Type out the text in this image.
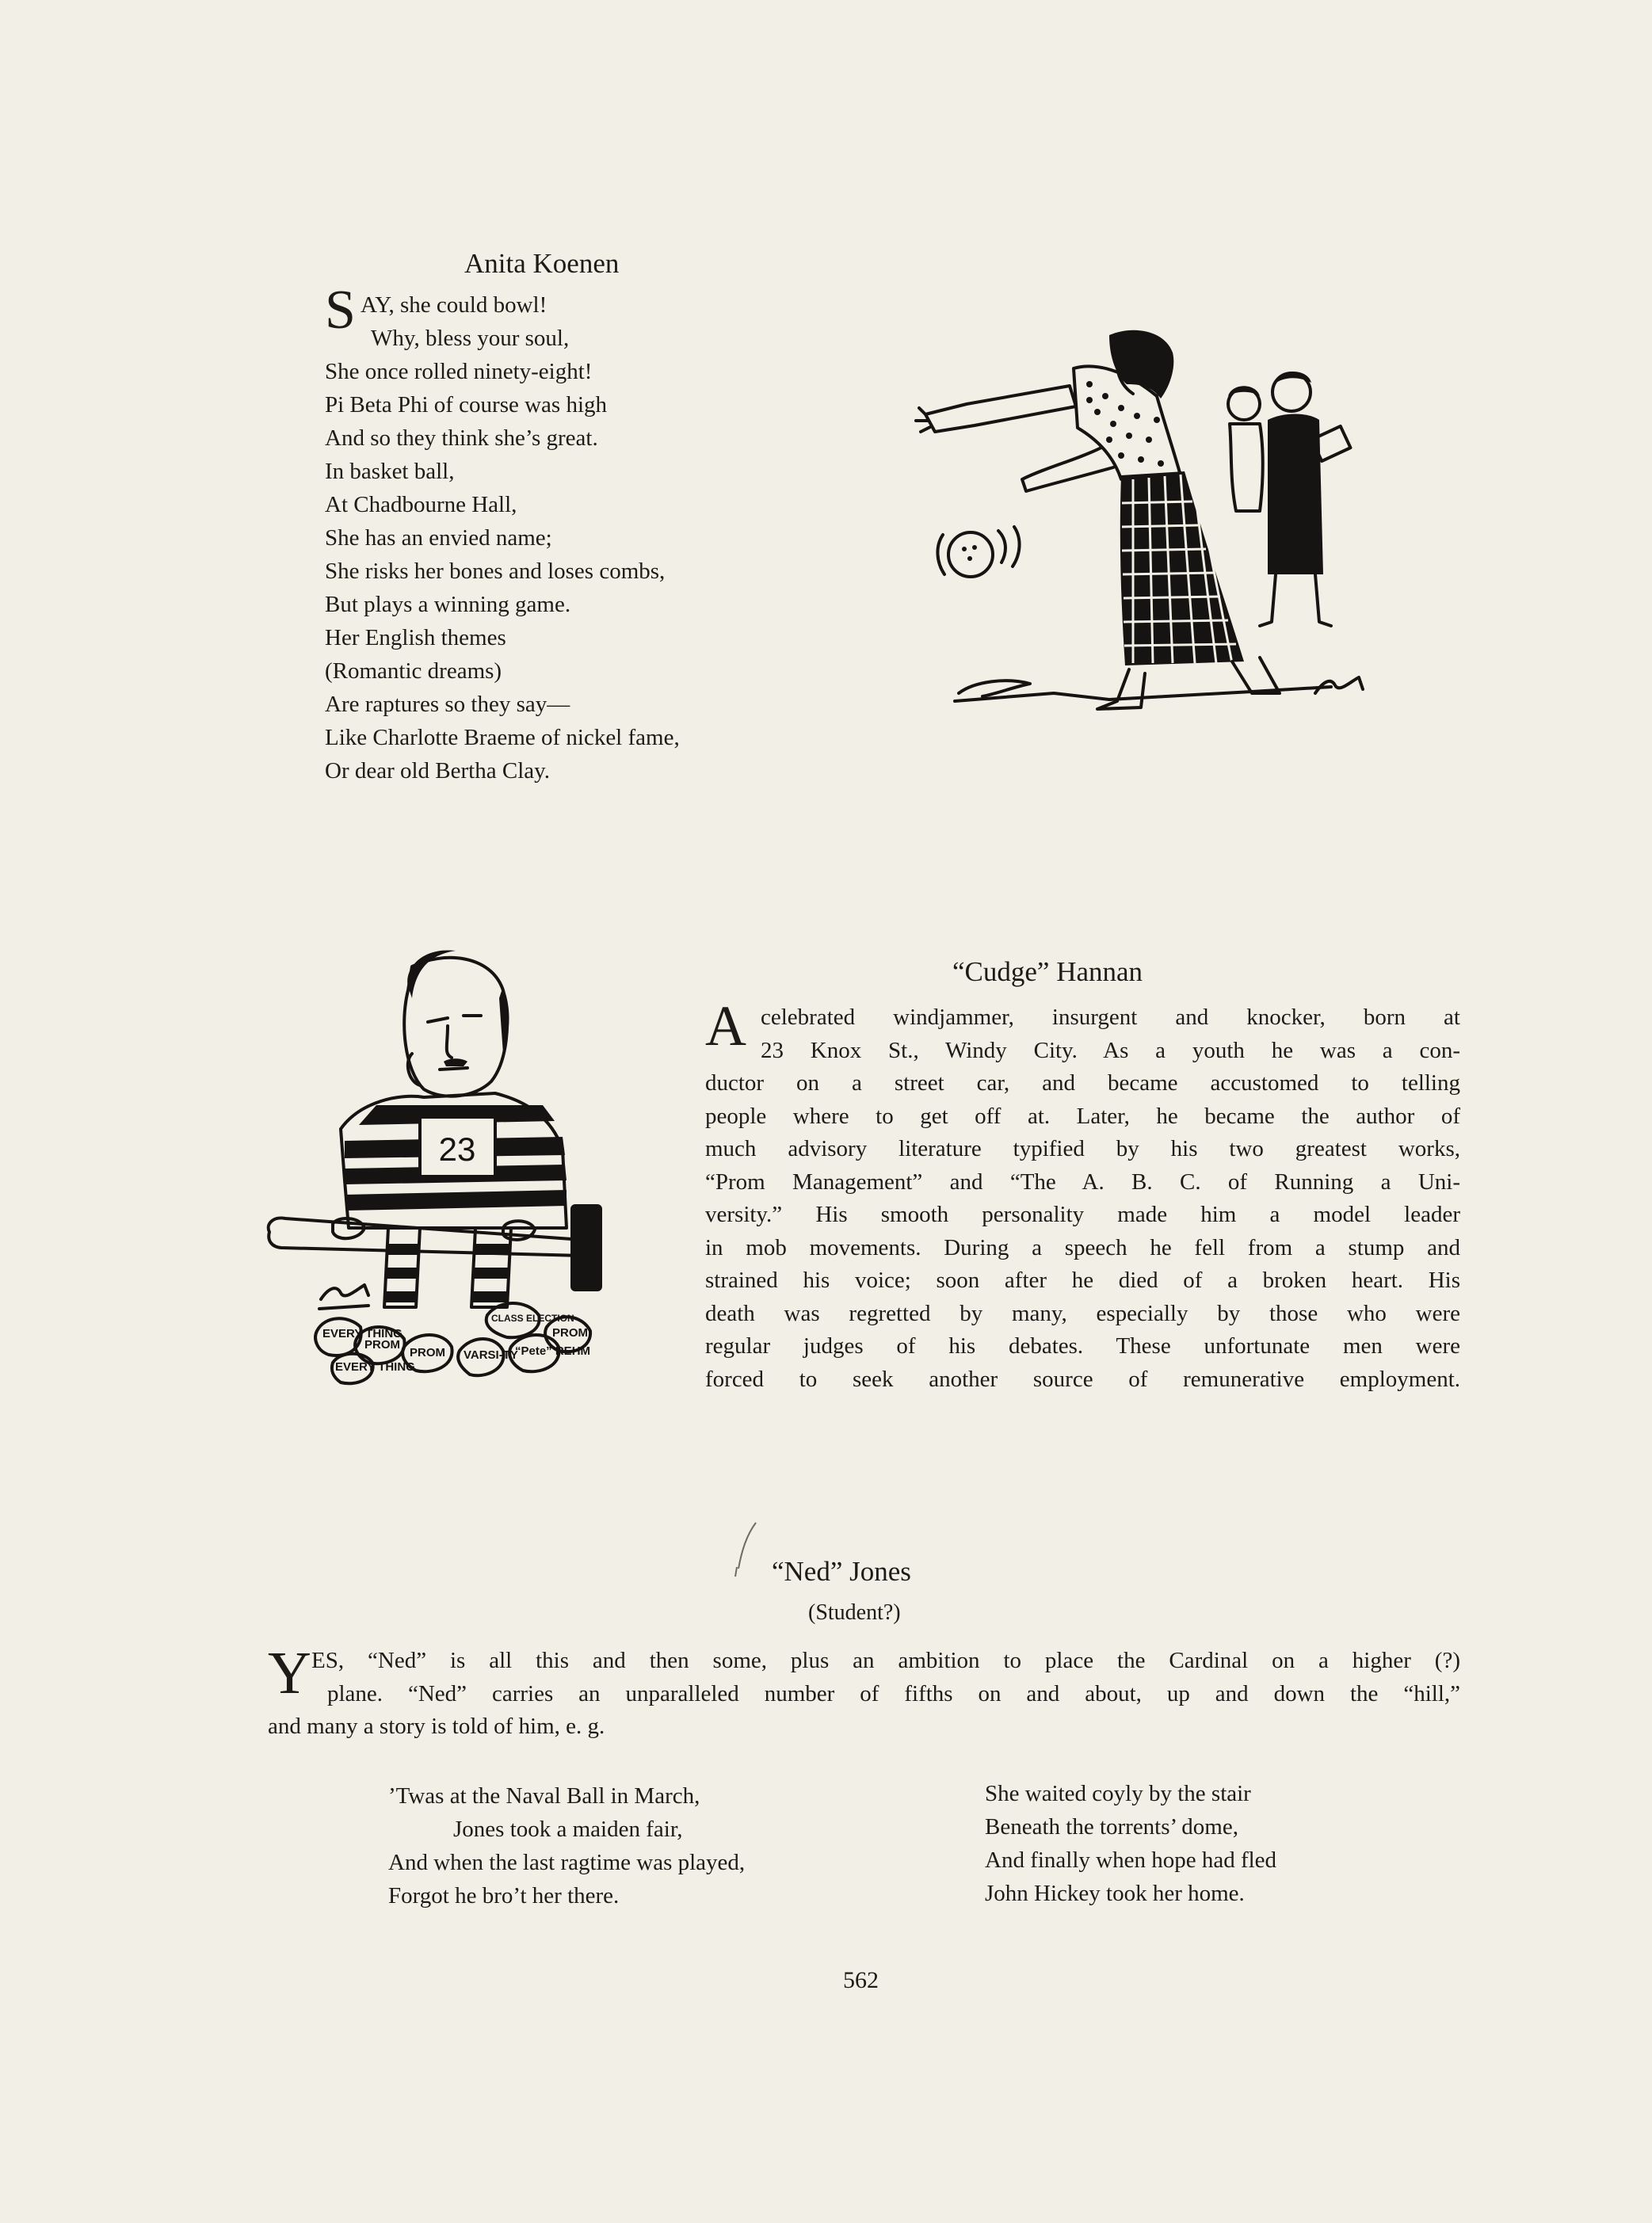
Anita Koenen
S AY, she could bowl!
Why, bless your soul,
She once rolled ninety-eight!
Pi Beta Phi of course was high
And so they think she’s great.
In basket ball,
At Chadbourne Hall,
She has an envied name;
She risks her bones and loses combs,
But plays a winning game.
Her English themes
(Romantic dreams)
Are raptures so they say—
Like Charlotte Braeme of nickel fame,
Or dear old Bertha Clay.
23
EVERY THING
PROM
EVERY THING
PROM VARSI-TY
“Pete” REHM
CLASS ELECTION
PROM
“Cudge” Hannan
A celebrated windjammer, insurgent and knocker, born at
23 Knox St., Windy City. As a youth he was a con-
ductor on a street car, and became accustomed to telling
people where to get off at. Later, he became the author of
much advisory literature typified by his two greatest works,
“Prom Management” and “The A. B. C. of Running a Uni-
versity.” His smooth personality made him a model leader
in mob movements. During a speech he fell from a stump and
strained his voice; soon after he died of a broken heart. His
death was regretted by many, especially by those who were
regular judges of his debates. These unfortunate men were
forced to seek another source of remunerative employment.
“Ned” Jones
(Student?)
Y ES, “Ned” is all this and then some, plus an ambition to place the Cardinal on a higher (?)
plane. “Ned” carries an unparalleled number of fifths on and about, up and down the “hill,”
and many a story is told of him, e. g.
’Twas at the Naval Ball in March,
Jones took a maiden fair,
And when the last ragtime was played,
Forgot he bro’t her there.
She waited coyly by the stair
Beneath the torrents’ dome,
And finally when hope had fled
John Hickey took her home.
562
